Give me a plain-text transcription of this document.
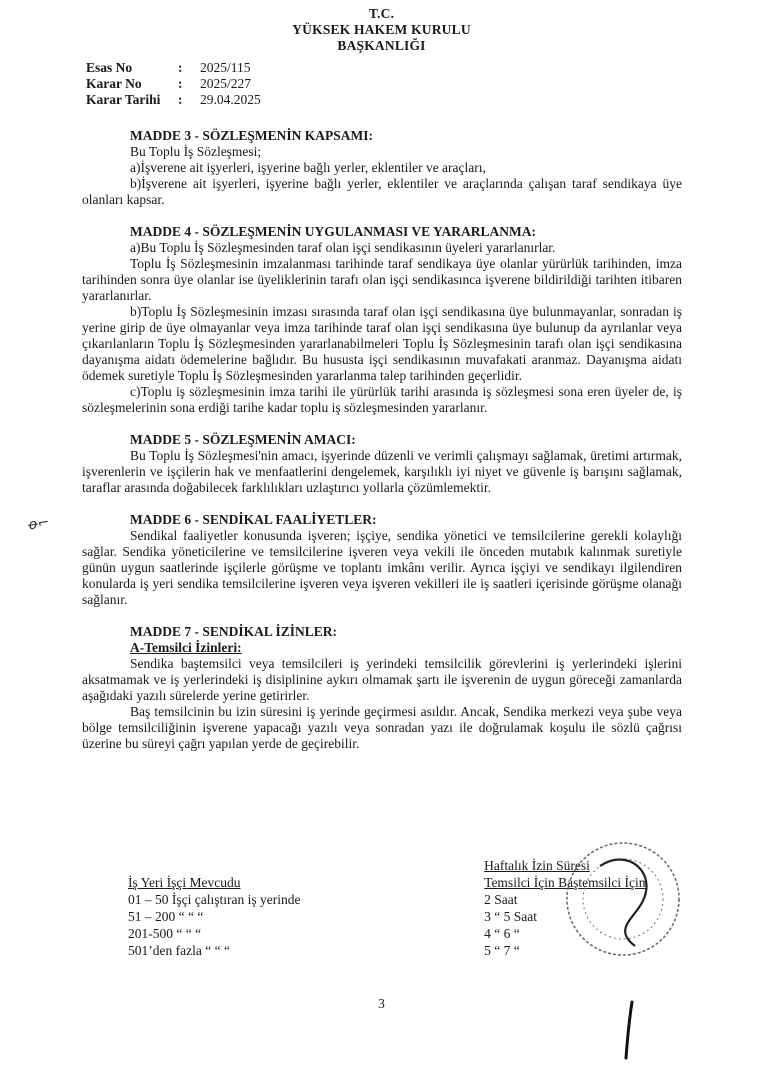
T.C.
YÜKSEK HAKEM KURULU
BAŞKANLIĞI
Esas No	:	2025/115
Karar No	:	2025/227
Karar Tarihi	:	29.04.2025
MADDE 3 - SÖZLEŞMENİN KAPSAMI:

Bu Toplu İş Sözleşmesi;

a)İşverene ait işyerleri, işyerine bağlı yerler, eklentiler ve araçları,

b)İşverene ait işyerleri, işyerine bağlı yerler, eklentiler ve araçlarında çalışan taraf sendikaya üye olanları kapsar.

MADDE 4 - SÖZLEŞMENİN UYGULANMASI VE YARARLANMA:

a)Bu Toplu İş Sözleşmesinden taraf olan işçi sendikasının üyeleri yararlanırlar.

Toplu İş Sözleşmesinin imzalanması tarihinde taraf sendikaya üye olanlar yürürlük tarihinden, imza tarihinden sonra üye olanlar ise üyeliklerinin tarafı olan işçi sendikasınca işverene bildirildiği tarihten itibaren yararlanırlar.

b)Toplu İş Sözleşmesinin imzası sırasında taraf olan işçi sendikasına üye bulunmayanlar, sonradan iş yerine girip de üye olmayanlar veya imza tarihinde taraf olan işçi sendikasına üye bulunup da ayrılanlar veya çıkarılanların Toplu İş Sözleşmesinden yararlanabilmeleri Toplu İş Sözleşmesinin tarafı olan işçi sendikasına dayanışma aidatı ödemelerine bağlıdır. Bu hususta işçi sendikasının muvafakati aranmaz. Dayanışma aidatı ödemek suretiyle Toplu İş Sözleşmesinden yararlanma talep tarihinden geçerlidir.

c)Toplu iş sözleşmesinin imza tarihi ile yürürlük tarihi arasında iş sözleşmesi sona eren üyeler de, iş sözleşmelerinin sona erdiği tarihe kadar toplu iş sözleşmesinden yararlanır.

MADDE 5 - SÖZLEŞMENİN AMACI:

Bu Toplu İş Sözleşmesi'nin amacı, işyerinde düzenli ve verimli çalışmayı sağlamak, üretimi artırmak, işverenlerin ve işçilerin hak ve menfaatlerini dengelemek, karşılıklı iyi niyet ve güvenle iş barışını sağlamak, taraflar arasında doğabilecek farklılıkları uzlaştırıcı yollarla çözümlemektir.

MADDE 6 - SENDİKAL FAALİYETLER:

Sendikal faaliyetler konusunda işveren; işçiye, sendika yönetici ve temsilcilerine gerekli kolaylığı sağlar. Sendika yöneticilerine ve temsilcilerine işveren veya vekili ile önceden mutabık kalınmak suretiyle günün uygun saatlerinde işçilerle görüşme ve toplantı imkânı verilir. Ayrıca işçiyi ve sendikayı ilgilendiren konularda iş yeri sendika temsilcilerine işveren veya işveren vekilleri ile iş saatleri içerisinde görüşme olanağı sağlanır.

MADDE 7 - SENDİKAL İZİNLER:
A-Temsilci İzinleri:

Sendika baştemsilci veya temsilcileri iş yerindeki temsilcilik görevlerini iş yerlerindeki işlerini aksatmamak ve iş yerlerindeki iş disiplinine aykırı olmamak şartı ile işverenin de uygun göreceği zamanlarda aşağıdaki yazılı sürelerde yerine getirirler.

Baş temsilcinin bu izin süresini iş yerinde geçirmesi asıldır. Ancak, Sendika merkezi veya şube veya bölge temsilciliğinin işverene yapacağı yazılı veya sonradan yazı ile doğrulamak koşulu ile sözlü çağrısı üzerine bu süreyi çağrı yapılan yerde de geçirebilir.

Haftalık İzin Süresi
İş Yeri İşçi Mevcudu	Temsilci İçin Baştemsilci İçin
01 – 50 İşçi çalıştıran iş yerinde	2 Saat
51 – 200 “ “ “	3 “ 5 Saat
201-500 “ “ “	4 “ 6 “
501’den fazla “ “ “	5 “ 7 “
ꝋ⌐
3
